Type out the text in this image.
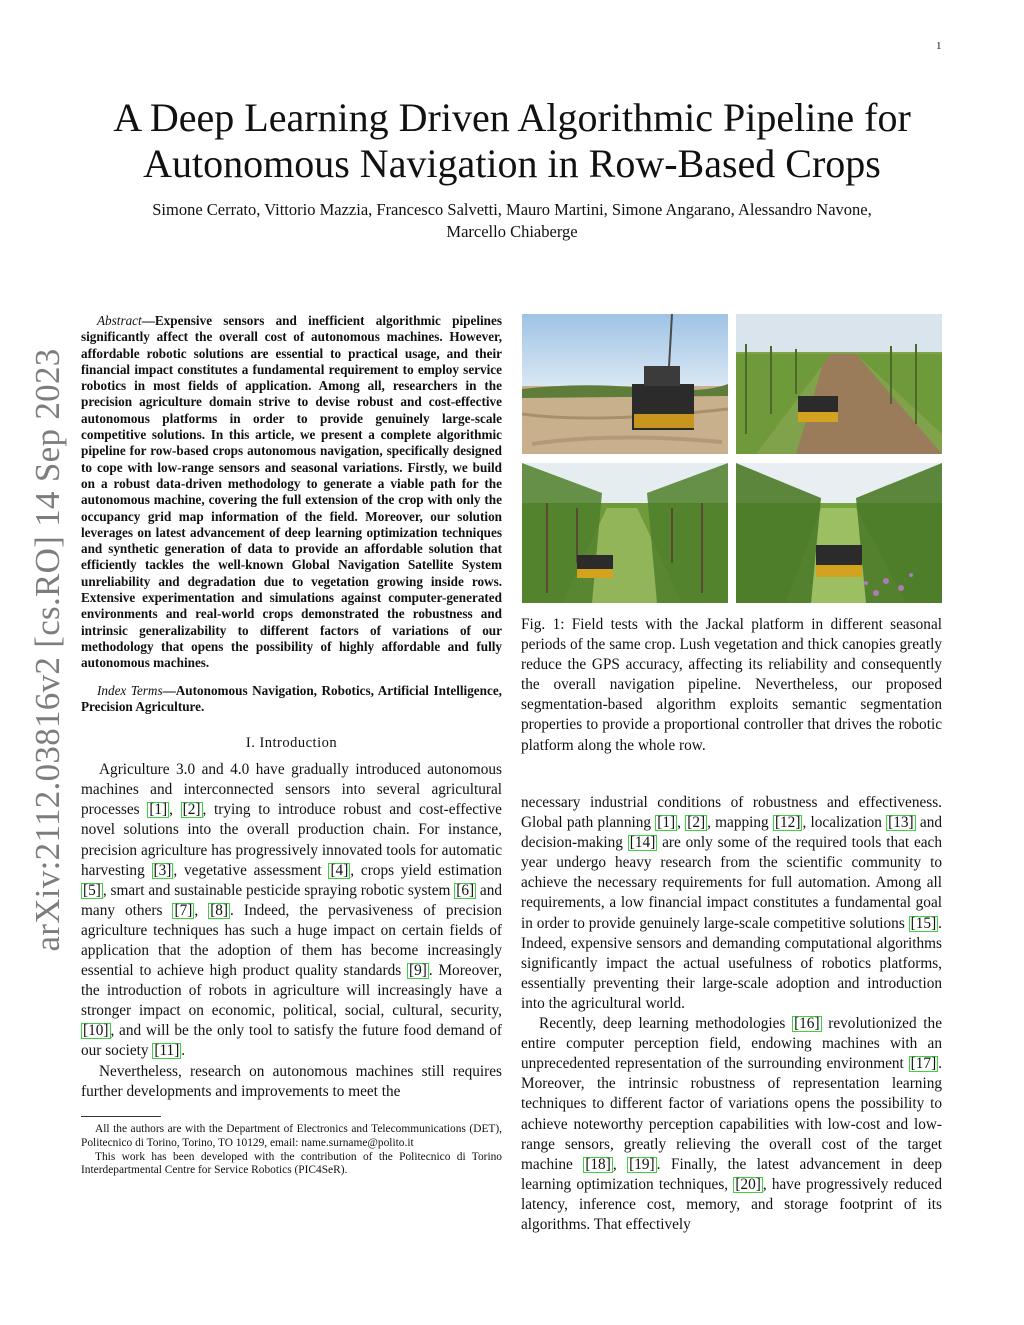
1
arXiv:2112.03816v2 [cs.RO] 14 Sep 2023
A Deep Learning Driven Algorithmic Pipeline for Autonomous Navigation in Row-Based Crops
Simone Cerrato, Vittorio Mazzia, Francesco Salvetti, Mauro Martini, Simone Angarano, Alessandro Navone,
Marcello Chiaberge

Abstract—Expensive sensors and inefficient algorithmic pipelines significantly affect the overall cost of autonomous machines. However, affordable robotic solutions are essential to practical usage, and their financial impact constitutes a fundamental requirement to employ service robotics in most fields of application. Among all, researchers in the precision agriculture domain strive to devise robust and cost-effective autonomous platforms in order to provide genuinely large-scale competitive solutions. In this article, we present a complete algorithmic pipeline for row-based crops autonomous navigation, specifically designed to cope with low-range sensors and seasonal variations. Firstly, we build on a robust data-driven methodology to generate a viable path for the autonomous machine, covering the full extension of the crop with only the occupancy grid map information of the field. Moreover, our solution leverages on latest advancement of deep learning optimization techniques and synthetic generation of data to provide an affordable solution that efficiently tackles the well-known Global Navigation Satellite System unreliability and degradation due to vegetation growing inside rows. Extensive experimentation and simulations against computer-generated environments and real-world crops demonstrated the robustness and intrinsic generalizability to different factors of variations of our methodology that opens the possibility of highly affordable and fully autonomous machines.

Index Terms—Autonomous Navigation, Robotics, Artificial Intelligence, Precision Agriculture.

I. Introduction

Agriculture 3.0 and 4.0 have gradually introduced autonomous machines and interconnected sensors into several agricultural processes [1] , [2] , trying to introduce robust and cost-effective novel solutions into the overall production chain. For instance, precision agriculture has progressively innovated tools for automatic harvesting [3] , vegetative assessment [4] , crops yield estimation [5] , smart and sustainable pesticide spraying robotic system [6] and many others [7] , [8] . Indeed, the pervasiveness of precision agriculture techniques has such a huge impact on certain fields of application that the adoption of them has become increasingly essential to achieve high product quality standards [9] . Moreover, the introduction of robots in agriculture will increasingly have a stronger impact on economic, political, social, cultural, security, [10] , and will be the only tool to satisfy the future food demand of our society [11] .

Nevertheless, research on autonomous machines still requires further developments and improvements to meet the

All the authors are with the Department of Electronics and Telecommunications (DET), Politecnico di Torino, Torino, TO 10129, email: name.surname@polito.it

This work has been developed with the contribution of the Politecnico di Torino Interdepartmental Centre for Service Robotics (PIC4SeR).

Fig. 1: Field tests with the Jackal platform in different seasonal periods of the same crop. Lush vegetation and thick canopies greatly reduce the GPS accuracy, affecting its reliability and consequently the overall navigation pipeline. Nevertheless, our proposed segmentation-based algorithm exploits semantic segmentation properties to provide a proportional controller that drives the robotic platform along the whole row.

necessary industrial conditions of robustness and effectiveness. Global path planning [1] , [2] , mapping [12] , localization [13] and decision-making [14] are only some of the required tools that each year undergo heavy research from the scientific community to achieve the necessary requirements for full automation. Among all requirements, a low financial impact constitutes a fundamental goal in order to provide genuinely large-scale competitive solutions [15] . Indeed, expensive sensors and demanding computational algorithms significantly impact the actual usefulness of robotics platforms, essentially preventing their large-scale adoption and introduction into the agricultural world.

Recently, deep learning methodologies [16] revolutionized the entire computer perception field, endowing machines with an unprecedented representation of the surrounding environment [17] . Moreover, the intrinsic robustness of representation learning techniques to different factor of variations opens the possibility to achieve noteworthy perception capabilities with low-cost and low-range sensors, greatly relieving the overall cost of the target machine [18] , [19] . Finally, the latest advancement in deep learning optimization techniques, [20] , have progressively reduced latency, inference cost, memory, and storage footprint of its algorithms. That effectively
